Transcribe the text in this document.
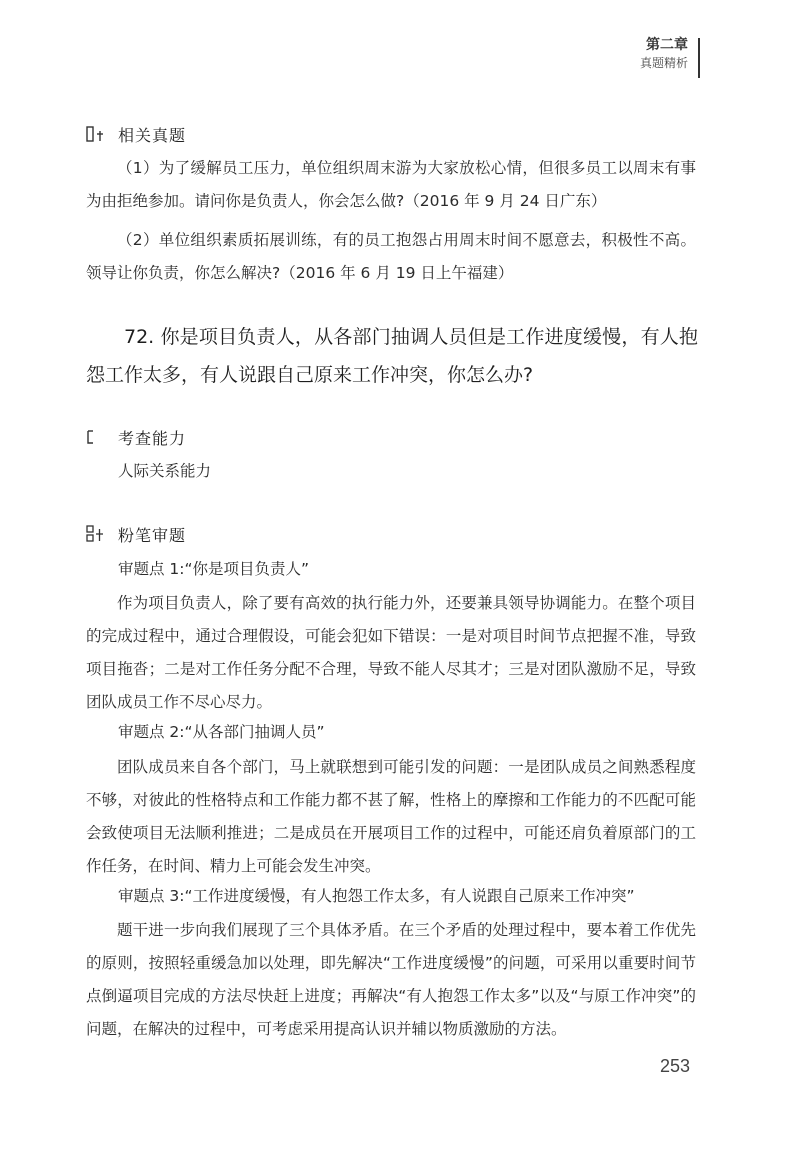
第二章
真题精析
相关真题

（1）为了缓解员工压力，单位组织周末游为大家放松心情，但很多员工以周末有事为由拒绝参加。请问你是负责人，你会怎么做?（2016 年 9 月 24 日广东）

（2）单位组织素质拓展训练，有的员工抱怨占用周末时间不愿意去，积极性不高。领导让你负责，你怎么解决?（2016 年 6 月 19 日上午福建）

72. 你是项目负责人，从各部门抽调人员但是工作进度缓慢，有人抱怨工作太多，有人说跟自己原来工作冲突，你怎么办?

考查能力
人际关系能力
粉笔审题
审题点 1:“你是项目负责人”

作为项目负责人，除了要有高效的执行能力外，还要兼具领导协调能力。在整个项目的完成过程中，通过合理假设，可能会犯如下错误：一是对项目时间节点把握不准，导致项目拖沓；二是对工作任务分配不合理，导致不能人尽其才；三是对团队激励不足，导致团队成员工作不尽心尽力。

审题点 2:“从各部门抽调人员”

团队成员来自各个部门，马上就联想到可能引发的问题：一是团队成员之间熟悉程度不够，对彼此的性格特点和工作能力都不甚了解，性格上的摩擦和工作能力的不匹配可能会致使项目无法顺利推进；二是成员在开展项目工作的过程中，可能还肩负着原部门的工作任务，在时间、精力上可能会发生冲突。

审题点 3:“工作进度缓慢，有人抱怨工作太多，有人说跟自己原来工作冲突”

题干进一步向我们展现了三个具体矛盾。在三个矛盾的处理过程中，要本着工作优先的原则，按照轻重缓急加以处理，即先解决“工作进度缓慢”的问题，可采用以重要时间节点倒逼项目完成的方法尽快赶上进度；再解决“有人抱怨工作太多”以及“与原工作冲突”的问题，在解决的过程中，可考虑采用提高认识并辅以物质激励的方法。

253
